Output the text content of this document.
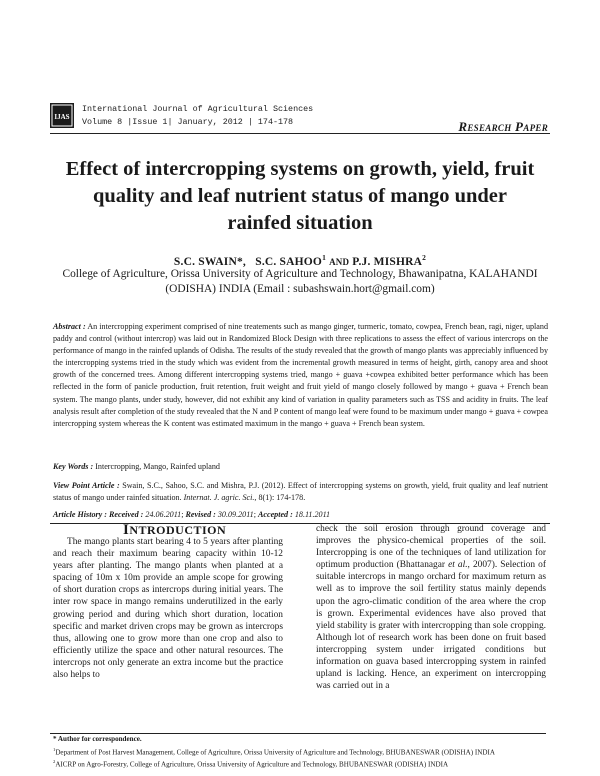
IJAS
International Journal of Agricultural Sciences
Volume 8 |Issue 1| January, 2012 | 174-178	Research Paper
Effect of intercropping systems on growth, yield, fruit quality and leaf nutrient status of mango under rainfed situation
S.C. SWAIN*, S.C. SAHOO$^1$ AND P.J. MISHRA$^2$
College of Agriculture, Orissa University of Agriculture and Technology, Bhawanipatna, KALAHANDI
(ODISHA) INDIA (Email : subashswain.hort@gmail.com)
Abstract : An intercropping experiment comprised of nine treatements such as mango ginger, turmeric, tomato, cowpea, French bean, ragi, niger, upland paddy and control (without intercrop) was laid out in Randomized Block Design with three replications to assess the effect of various intercrops on the performance of mango in the rainfed uplands of Odisha. The results of the study revealed that the growth of mango plants was appreciably influenced by the intercropping systems tried in the study which was evident from the incremental growth measured in terms of height, girth, canopy area and shoot growth of the concerned trees. Among different intercropping systems tried, mango + guava +cowpea exhibited better performance which has been reflected in the form of panicle production, fruit retention, fruit weight and fruit yield of mango closely followed by mango + guava + French bean system. The mango plants, under study, however, did not exhibit any kind of variation in quality parameters such as TSS and acidity in fruits. The leaf analysis result after completion of the study revealed that the N and P content of mango leaf were found to be maximum under mango + guava + cowpea intercropping system whereas the K content was estimated maximum in the mango + guava + French bean system.
Key Words : Intercropping, Mango, Rainfed upland
View Point Article : Swain, S.C., Sahoo, S.C. and Mishra, P.J. (2012). Effect of intercropping systems on growth, yield, fruit quality and leaf nutrient status of mango under rainfed situation. Internat. J. agric. Sci., 8(1): 174-178.
Article History : Received : 24.06.2011; Revised : 30.09.2011; Accepted : 18.11.2011
INTRODUCTION

The mango plants start bearing 4 to 5 years after planting and reach their maximum bearing capacity within 10-12 years after planting. The mango plants when planted at a spacing of 10m x 10m provide an ample scope for growing of short duration crops as intercrops during initial years. The inter row space in mango remains underutilized in the early growing period and during which short duration, location specific and market driven crops may be grown as intercrops thus, allowing one to grow more than one crop and also to efficiently utilize the space and other natural resources. The intercrops not only generate an extra income but the practice also helps to

check the soil erosion through ground coverage and improves the physico-chemical properties of the soil. Intercropping is one of the techniques of land utilization for optimum production (Bhattanagar et al., 2007). Selection of suitable intercrops in mango orchard for maximum return as well as to improve the soil fertility status mainly depends upon the agro-climatic condition of the area where the crop is grown. Experimental evidences have also proved that yield stability is grater with intercropping than sole cropping. Although lot of research work has been done on fruit based intercropping system under irrigated conditions but information on guava based intercropping system in rainfed upland is lacking. Hence, an experiment on intercropping was carried out in a

* Author for correspondence.
$^1$Department of Post Harvest Management, College of Agriculture, Orissa University of Agriculture and Technology, BHUBANESWAR (ODISHA) INDIA
$^2$AICRP on Agro-Forestry, College of Agriculture, Orissa University of Agriculture and Technology, BHUBANESWAR (ODISHA) INDIA
